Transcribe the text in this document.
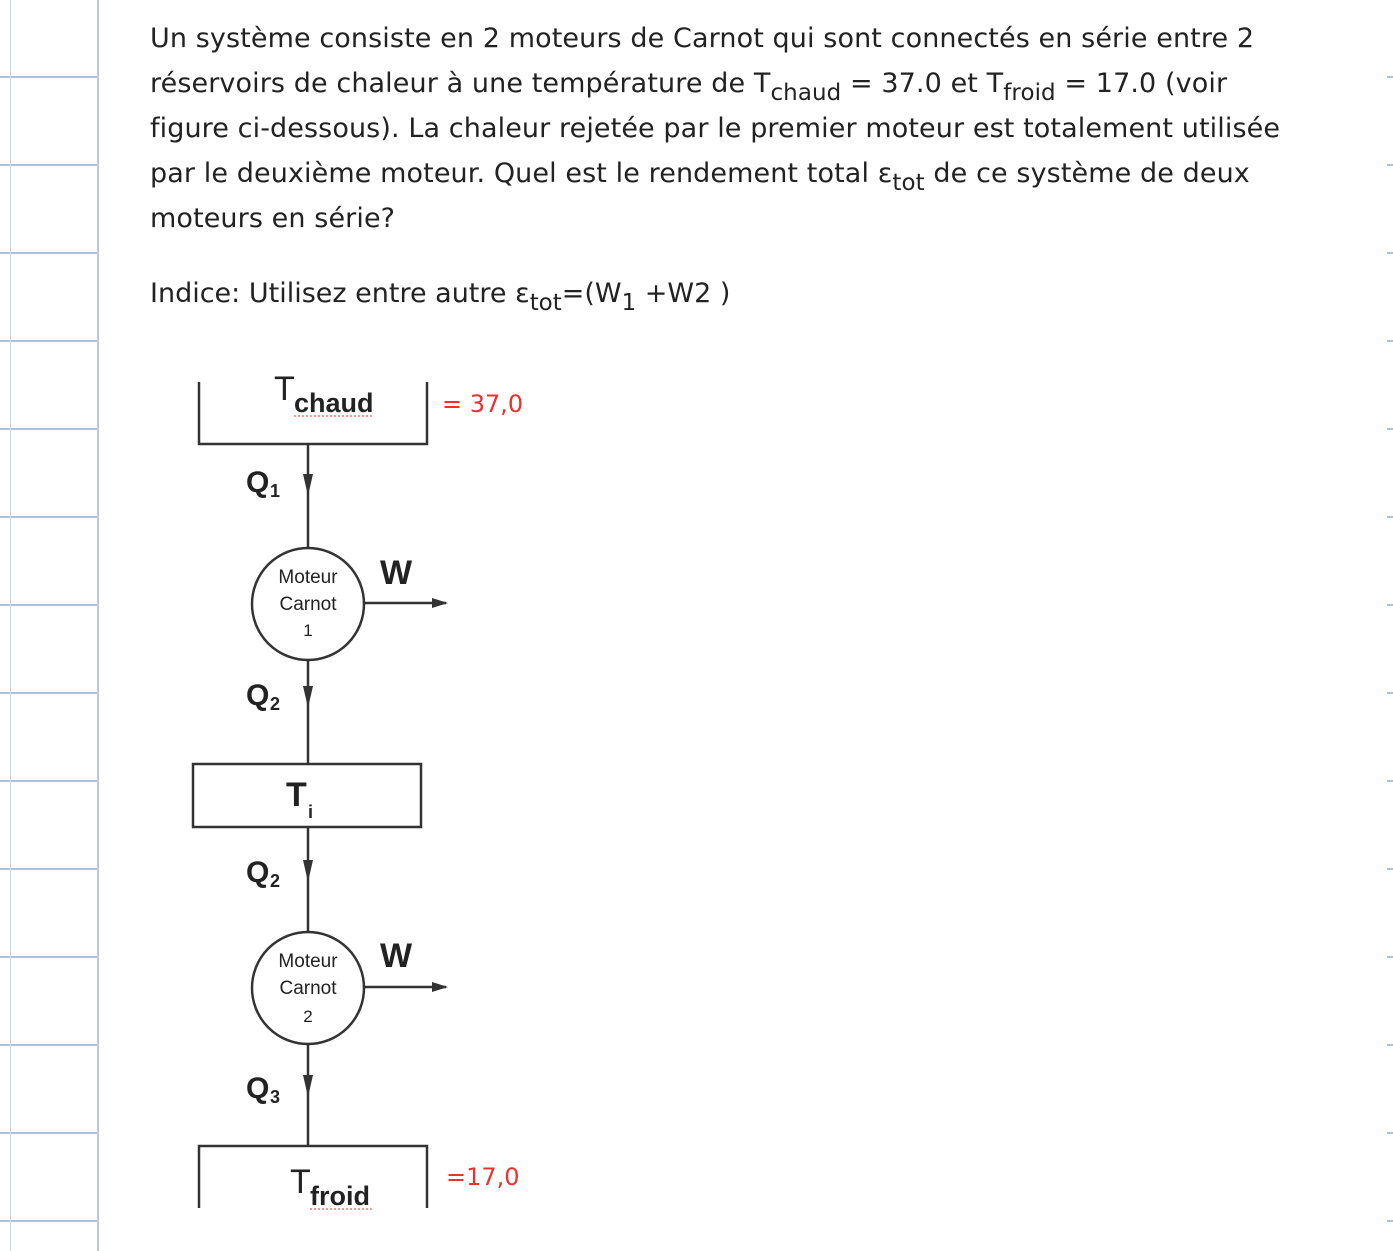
Un système consiste en 2 moteurs de Carnot qui sont connectés en série entre 2 réservoirs de chaleur à une température de $T_{chaud} = 37.0$ et $T_{froid} = 17.0$ (voir figure ci-dessous). La chaleur rejetée par le premier moteur est totalement utilisée par le deuxième moteur. Quel est le rendement total $\varepsilon_{tot}$ de ce système de deux moteurs en série?
Indice: Utilisez entre autre $\varepsilon_{tot}=(W_1 +W2$ )
T chaud
Q 1
Moteur
Carnot
1
W
Q 2
T i
Q 2
Moteur
Carnot
2
W
Q 3
T froid
= 37,0
=17,0
